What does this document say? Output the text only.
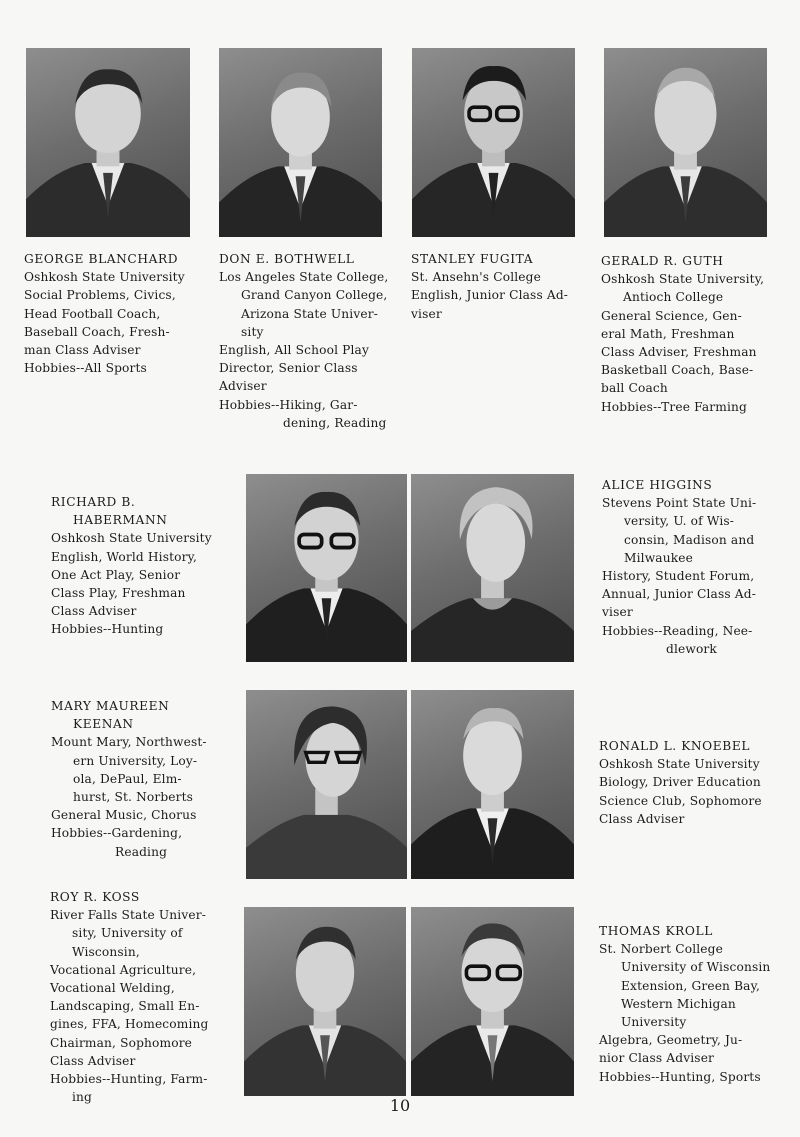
GEORGE BLANCHARD
Oshkosh State University
Social Problems, Civics,
Head Football Coach,
Baseball Coach, Fresh-
man Class Adviser
Hobbies--All Sports
DON E. BOTHWELL
Los Angeles State College,
Grand Canyon College,
Arizona State Univer-
sity
English, All School Play
Director, Senior Class
Adviser
Hobbies--Hiking, Gar-
dening, Reading
STANLEY FUGITA
St. Ansehn's College
English, Junior Class Ad-
viser
GERALD R. GUTH
Oshkosh State University,
Antioch College
General Science, Gen-
eral Math, Freshman
Class Adviser, Freshman
Basketball Coach, Base-
ball Coach
Hobbies--Tree Farming
RICHARD B.
HABERMANN
Oshkosh State University
English, World History,
One Act Play, Senior
Class Play, Freshman
Class Adviser
Hobbies--Hunting
ALICE HIGGINS
Stevens Point State Uni-
versity, U. of Wis-
consin, Madison and
Milwaukee
History, Student Forum,
Annual, Junior Class Ad-
viser
Hobbies--Reading, Nee-
dlework
MARY MAUREEN
KEENAN
Mount Mary, Northwest-
ern University, Loy-
ola, DePaul, Elm-
hurst, St. Norberts
General Music, Chorus
Hobbies--Gardening,
Reading
RONALD L. KNOEBEL
Oshkosh State University
Biology, Driver Education
Science Club, Sophomore
Class Adviser
ROY R. KOSS
River Falls State Univer-
sity, University of
Wisconsin,
Vocational Agriculture,
Vocational Welding,
Landscaping, Small En-
gines, FFA, Homecoming
Chairman, Sophomore
Class Adviser
Hobbies--Hunting, Farm-
ing
THOMAS KROLL
St. Norbert College
University of Wisconsin
Extension, Green Bay,
Western Michigan
University
Algebra, Geometry, Ju-
nior Class Adviser
Hobbies--Hunting, Sports
10
